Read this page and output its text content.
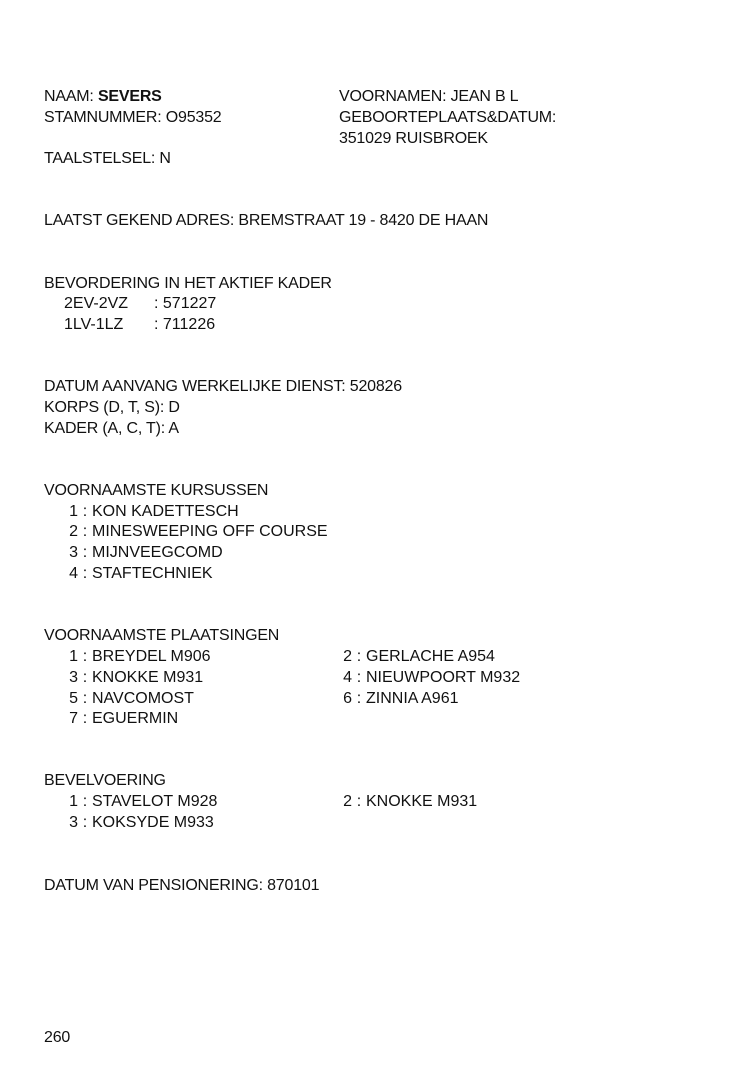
NAAM: SEVERS	VOORNAMEN: JEAN B L
STAMNUMMER: O95352	GEBOORTEPLAATS&DATUM:
351029 RUISBROEK
TAALSTELSEL: N
LAATST GEKEND ADRES: BREMSTRAAT 19 - 8420 DE HAAN
BEVORDERING IN HET AKTIEF KADER
2EV-2VZ : 571227
1LV-1LZ : 711226
DATUM AANVANG WERKELIJKE DIENST: 520826
KORPS (D, T, S): D
KADER (A, C, T): A
VOORNAAMSTE KURSUSSEN
1 : KON KADETTESCH
2 : MINESWEEPING OFF COURSE
3 : MIJNVEEGCOMD
4 : STAFTECHNIEK
VOORNAAMSTE PLAATSINGEN
1 : BREYDEL M906
3 : KNOKKE M931
5 : NAVCOMOST
7 : EGUERMIN
2 : GERLACHE A954
4 : NIEUWPOORT M932
6 : ZINNIA A961
BEVELVOERING
1 : STAVELOT M928
3 : KOKSYDE M933
2 : KNOKKE M931
DATUM VAN PENSIONERING: 870101
260
